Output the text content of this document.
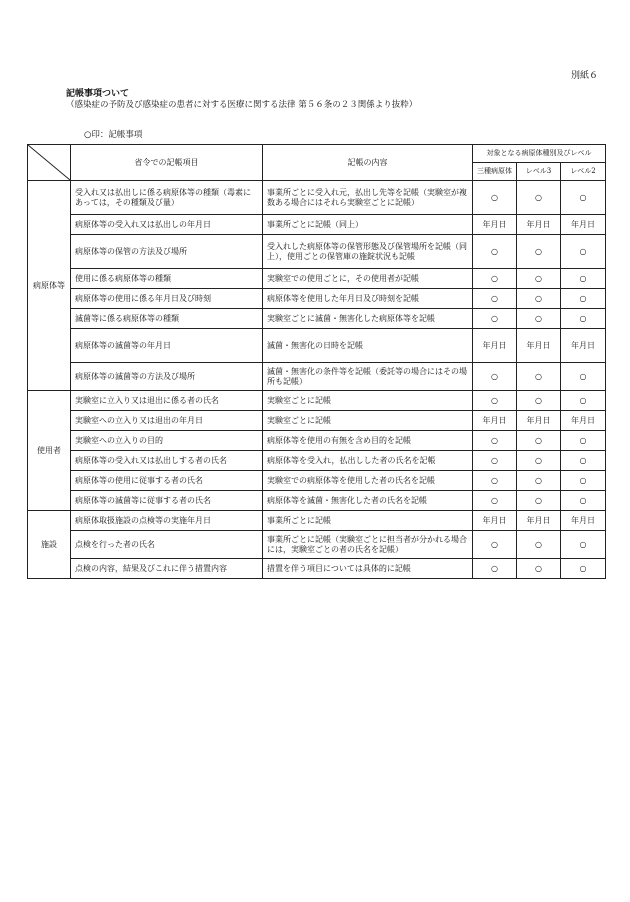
別紙６
記帳事項ついて
（感染症の予防及び感染症の患者に対する医療に関する法律 第５６条の２３関係より抜粋）
○印：記帳事項
	省令での記帳項目	記帳の内容	対象となる病原体種別及びレベル		
			三種病原体	レベル3	レベル2
病原体等	受入れ又は払出しに係る病原体等の種類（毒素にあっては，その種類及び量）	事業所ごとに受入れ元，払出し先等を記帳（実験室が複数ある場合にはそれら実験室ごとに記帳）	○	○	○
	病原体等の受入れ又は払出しの年月日	事業所ごとに記帳（同上）	年月日	年月日	年月日
	病原体等の保管の方法及び場所	受入れした病原体等の保管形態及び保管場所を記帳（同上），使用ごとの保管庫の施錠状況も記帳	○	○	○
	使用に係る病原体等の種類	実験室での使用ごとに，その使用者が記帳	○	○	○
	病原体等の使用に係る年月日及び時刻	病原体等を使用した年月日及び時刻を記帳	○	○	○
	滅菌等に係る病原体等の種類	実験室ごとに滅菌・無害化した病原体等を記帳	○	○	○
	病原体等の滅菌等の年月日	滅菌・無害化の日時を記帳	年月日	年月日	年月日
	病原体等の滅菌等の方法及び場所	滅菌・無害化の条件等を記帳（委託等の場合にはその場所も記帳）	○	○	○
使用者	実験室に立入り又は退出に係る者の氏名	実験室ごとに記帳	○	○	○
	実験室への立入り又は退出の年月日	実験室ごとに記帳	年月日	年月日	年月日
	実験室への立入りの目的	病原体等を使用の有無を含め目的を記帳	○	○	○
	病原体等の受入れ又は払出しする者の氏名	病原体等を受入れ，払出しした者の氏名を記帳	○	○	○
	病原体等の使用に従事する者の氏名	実験室での病原体等を使用した者の氏名を記帳	○	○	○
	病原体等の滅菌等に従事する者の氏名	病原体等を滅菌・無害化した者の氏名を記帳	○	○	○
施設	病原体取扱施設の点検等の実施年月日	事業所ごとに記帳	年月日	年月日	年月日
	点検を行った者の氏名	事業所ごとに記帳（実験室ごとに担当者が分かれる場合には，実験室ごとの者の氏名を記帳）	○	○	○
	点検の内容，結果及びこれに伴う措置内容	措置を伴う項目については具体的に記帳	○	○	○
